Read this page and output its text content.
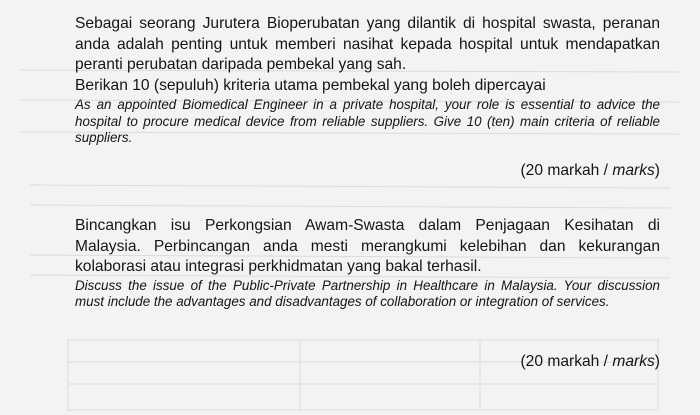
Sebagai seorang Jurutera Bioperubatan yang dilantik di hospital swasta, peranan anda adalah penting untuk memberi nasihat kepada hospital untuk mendapatkan peranti perubatan daripada pembekal yang sah.

Berikan 10 (sepuluh) kriteria utama pembekal yang boleh dipercayai

As an appointed Biomedical Engineer in a private hospital, your role is essential to advice the hospital to procure medical device from reliable suppliers. Give 10 (ten) main criteria of reliable suppliers.

(20 markah / marks)

Bincangkan isu Perkongsian Awam-Swasta dalam Penjagaan Kesihatan di Malaysia. Perbincangan anda mesti merangkumi kelebihan dan kekurangan kolaborasi atau integrasi perkhidmatan yang bakal terhasil.

Discuss the issue of the Public-Private Partnership in Healthcare in Malaysia. Your discussion must include the advantages and disadvantages of collaboration or integration of services.

(20 markah / marks)
